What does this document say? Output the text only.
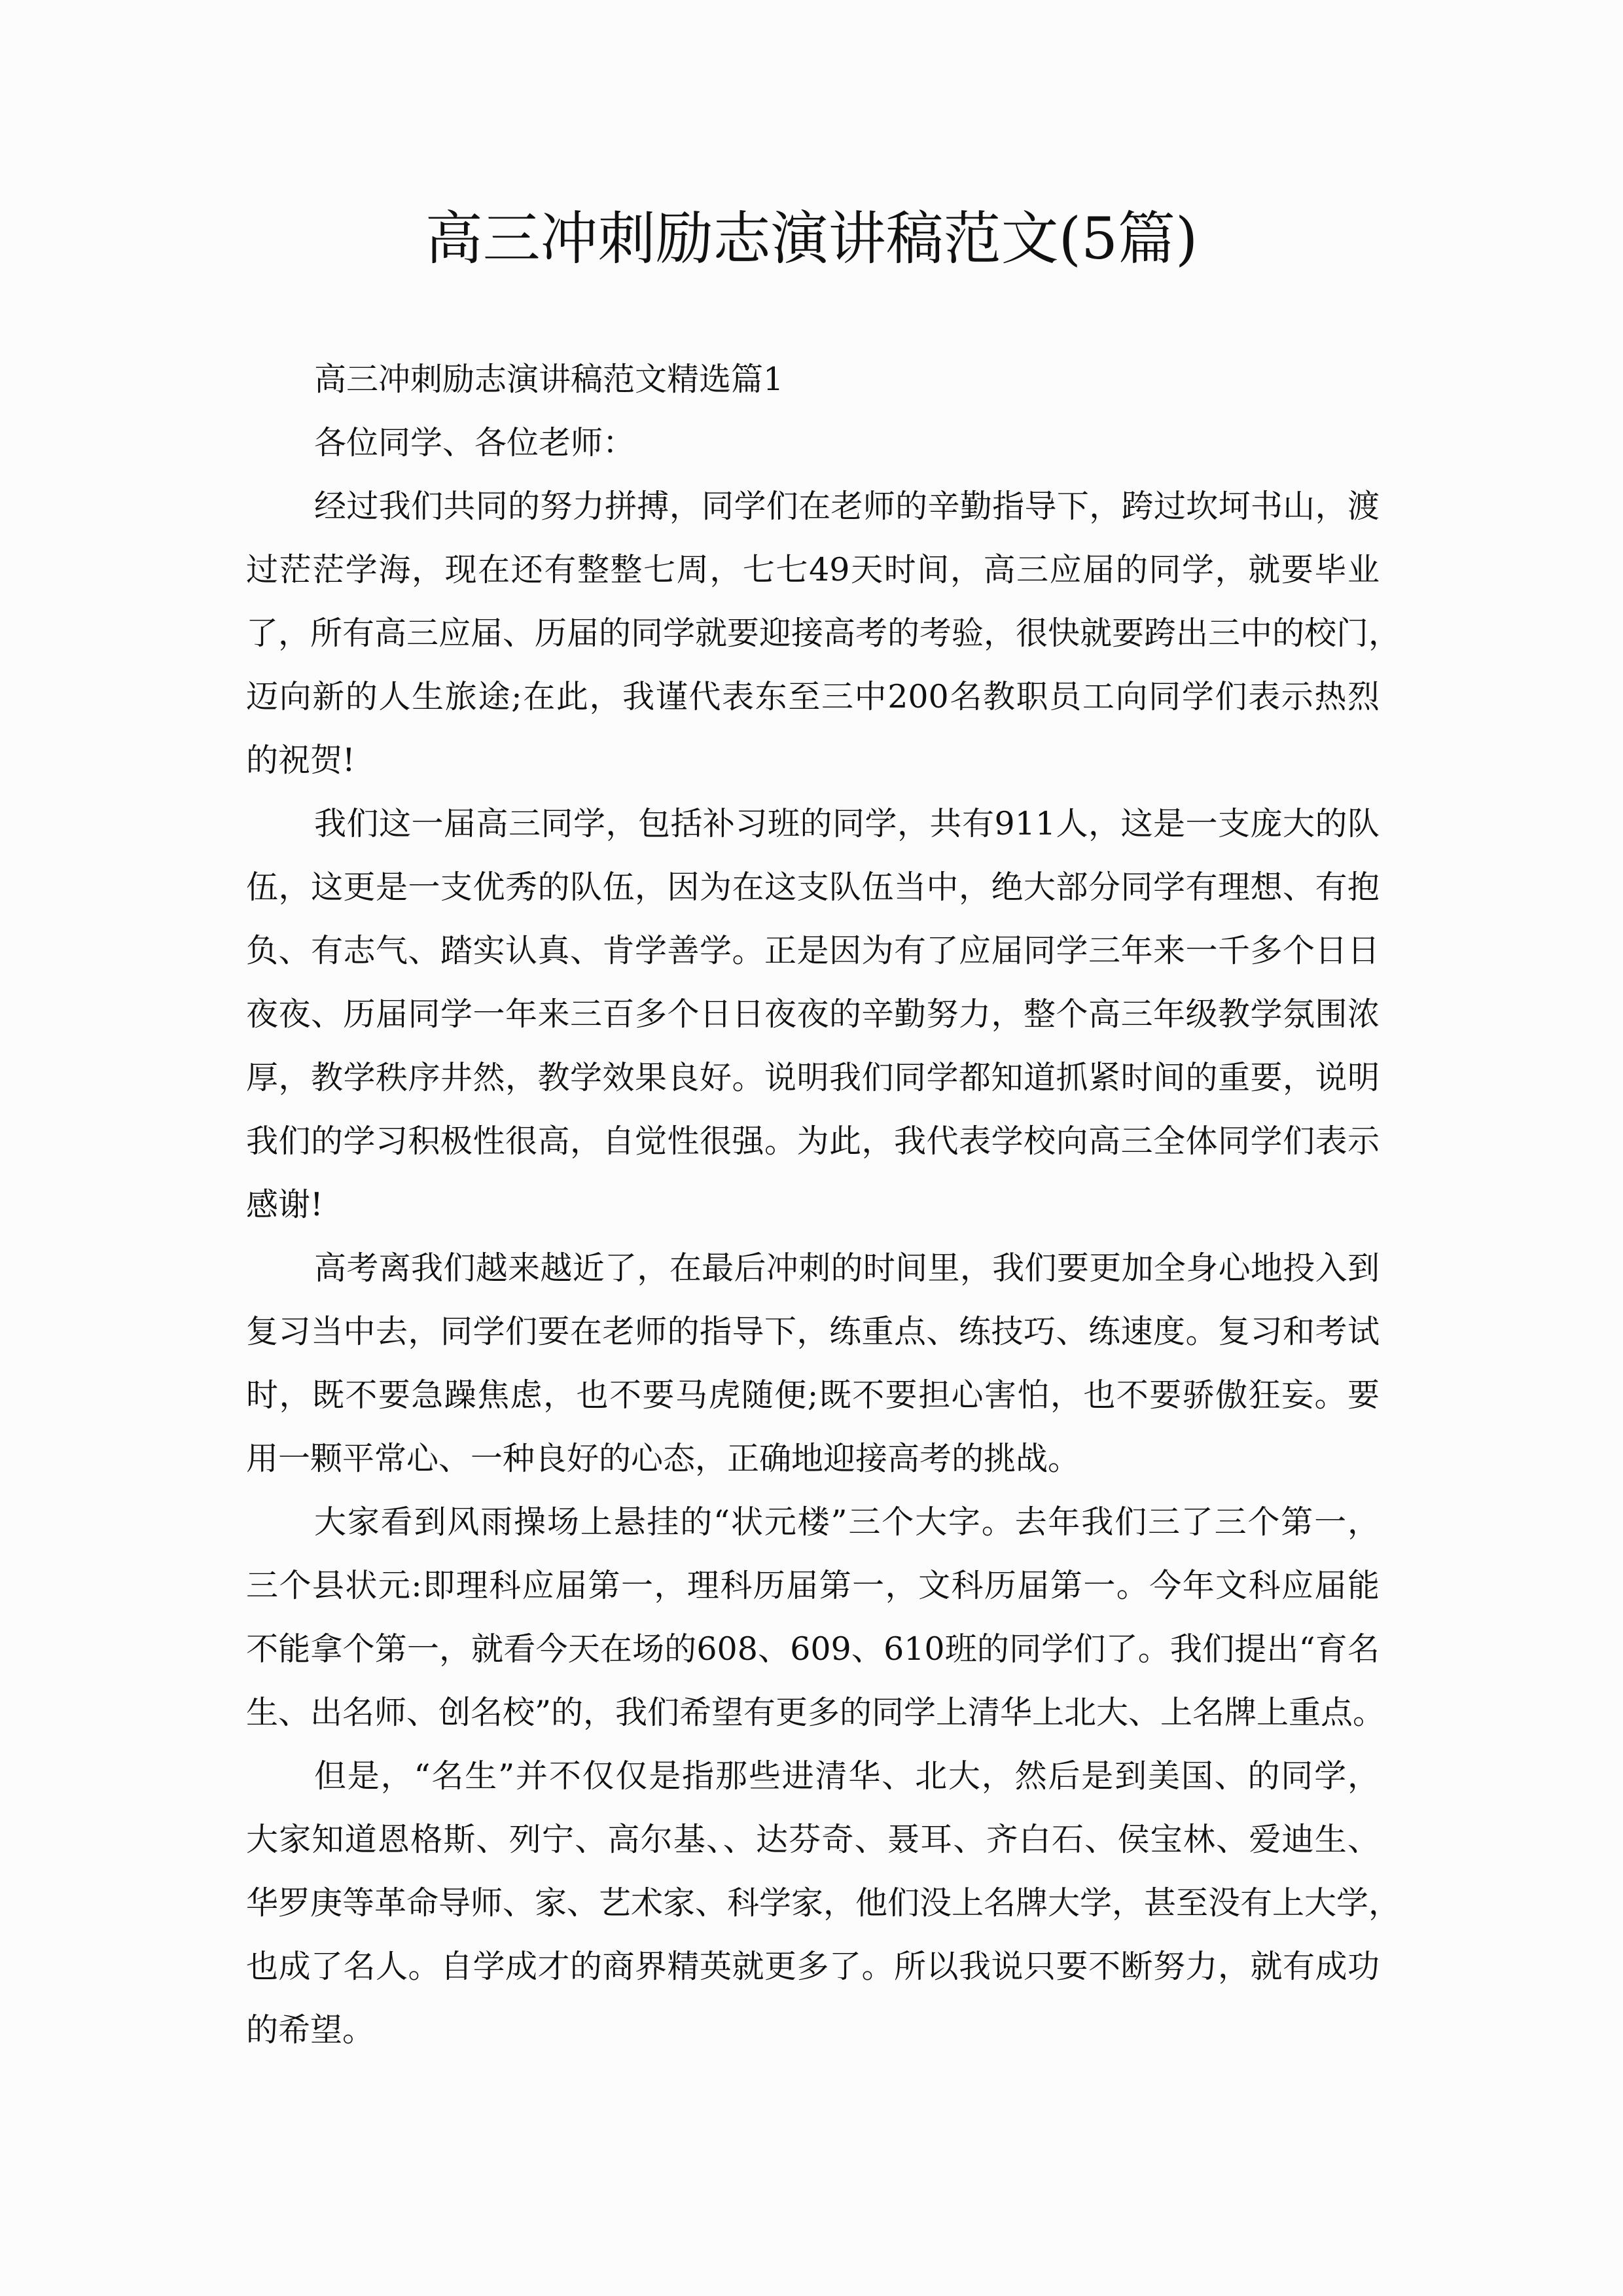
高三冲刺励志演讲稿范文(5篇)
高三冲刺励志演讲稿范文精选篇1
各位同学、各位老师：
经过我们共同的努力拼搏，同学们在老师的辛勤指导下，跨过坎坷书山，渡
过茫茫学海，现在还有整整七周，七七49天时间，高三应届的同学，就要毕业
了，所有高三应届、历届的同学就要迎接高考的考验，很快就要跨出三中的校门，
迈向新的人生旅途;在此，我谨代表东至三中200名教职员工向同学们表示热烈
的祝贺!
我们这一届高三同学，包括补习班的同学，共有911人，这是一支庞大的队
伍，这更是一支优秀的队伍，因为在这支队伍当中，绝大部分同学有理想、有抱
负、有志气、踏实认真、肯学善学。正是因为有了应届同学三年来一千多个日日
夜夜、历届同学一年来三百多个日日夜夜的辛勤努力，整个高三年级教学氛围浓
厚，教学秩序井然，教学效果良好。说明我们同学都知道抓紧时间的重要，说明
我们的学习积极性很高，自觉性很强。为此，我代表学校向高三全体同学们表示
感谢!
高考离我们越来越近了，在最后冲刺的时间里，我们要更加全身心地投入到
复习当中去，同学们要在老师的指导下，练重点、练技巧、练速度。复习和考试
时，既不要急躁焦虑，也不要马虎随便;既不要担心害怕，也不要骄傲狂妄。要
用一颗平常心、一种良好的心态，正确地迎接高考的挑战。
大家看到风雨操场上悬挂的“状元楼”三个大字。去年我们三了三个第一，
三个县状元:即理科应届第一，理科历届第一，文科历届第一。今年文科应届能
不能拿个第一，就看今天在场的608、609、610班的同学们了。我们提出“育名
生、出名师、创名校”的，我们希望有更多的同学上清华上北大、上名牌上重点。
但是，“名生”并不仅仅是指那些进清华、北大，然后是到美国、的同学，
大家知道恩格斯、列宁、高尔基、、达芬奇、聂耳、齐白石、侯宝林、爱迪生、
华罗庚等革命导师、家、艺术家、科学家，他们没上名牌大学，甚至没有上大学，
也成了名人。自学成才的商界精英就更多了。所以我说只要不断努力，就有成功
的希望。
